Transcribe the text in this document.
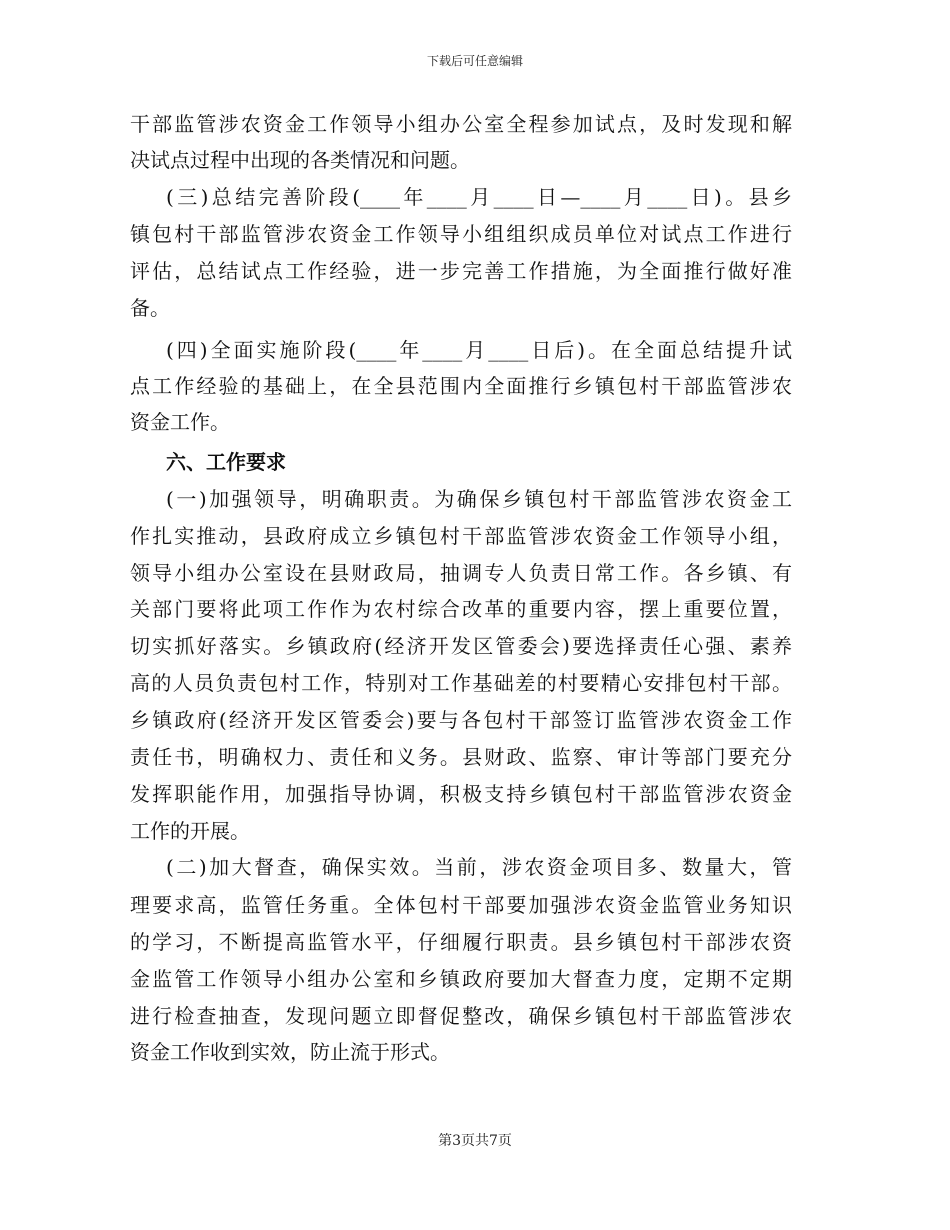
下载后可任意编辑
干部监管涉农资金工作领导小组办公室全程参加试点，及时发现和解
决试点过程中出现的各类情况和问题。
(三)总结完善阶段(____年____月____日—____月____日)。县乡
镇包村干部监管涉农资金工作领导小组组织成员单位对试点工作进行
评估，总结试点工作经验，进一步完善工作措施，为全面推行做好准
备。
(四)全面实施阶段(____年____月____日后)。在全面总结提升试
点工作经验的基础上，在全县范围内全面推行乡镇包村干部监管涉农
资金工作。
六、工作要求
(一)加强领导，明确职责。为确保乡镇包村干部监管涉农资金工
作扎实推动，县政府成立乡镇包村干部监管涉农资金工作领导小组，
领导小组办公室设在县财政局，抽调专人负责日常工作。各乡镇、有
关部门要将此项工作作为农村综合改革的重要内容，摆上重要位置，
切实抓好落实。乡镇政府(经济开发区管委会)要选择责任心强、素养
高的人员负责包村工作，特别对工作基础差的村要精心安排包村干部。
乡镇政府(经济开发区管委会)要与各包村干部签订监管涉农资金工作
责任书，明确权力、责任和义务。县财政、监察、审计等部门要充分
发挥职能作用，加强指导协调，积极支持乡镇包村干部监管涉农资金
工作的开展。
(二)加大督查，确保实效。当前，涉农资金项目多、数量大，管
理要求高，监管任务重。全体包村干部要加强涉农资金监管业务知识
的学习，不断提高监管水平，仔细履行职责。县乡镇包村干部涉农资
金监管工作领导小组办公室和乡镇政府要加大督查力度，定期不定期
进行检查抽查，发现问题立即督促整改，确保乡镇包村干部监管涉农
资金工作收到实效，防止流于形式。
第3页共7页
